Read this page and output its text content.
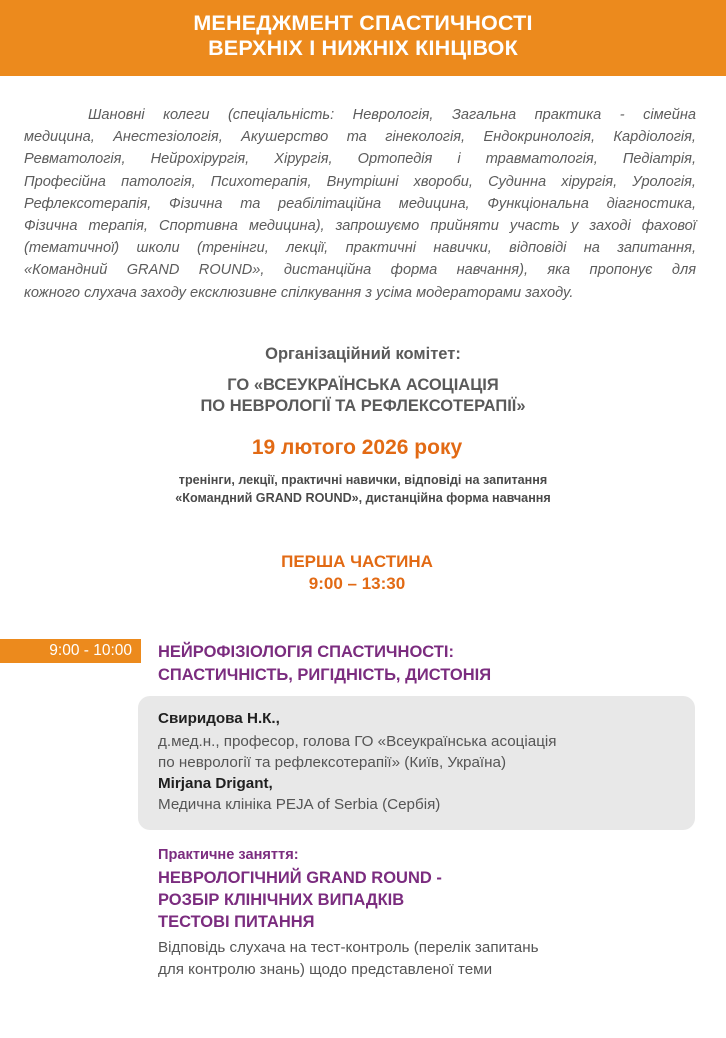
МЕНЕДЖМЕНТ СПАСТИЧНОСТІ
ВЕРХНІХ І НИЖНІХ КІНЦІВОК
Шановні колеги (спеціальність: Неврологія, Загальна практика - сімейна
медицина, Анестезіологія, Акушерство та гінекологія, Ендокринологія, Кардіологія,
Ревматологія, Нейрохірургія, Хірургія, Ортопедія і травматологія, Педіатрія,
Професійна патологія, Психотерапія, Внутрішні хвороби, Судинна хірургія, Урологія,
Рефлексотерапія, Фізична та реабілітаційна медицина, Функціональна діагностика,
Фізична терапія, Спортивна медицина), запрошуємо прийняти участь у заході фахової
(тематичної) школи (тренінги, лекції, практичні навички, відповіді на запитання,
«Командний GRAND ROUND», дистанційна форма навчання), яка пропонує для
кожного слухача заходу ексклюзивне спілкування з усіма модераторами заходу.
Організаційний комітет:
ГО «ВСЕУКРАЇНСЬКА АСОЦІАЦІЯ
ПО НЕВРОЛОГІЇ ТА РЕФЛЕКСОТЕРАПІЇ»
19 лютого 2026 року
тренінги, лекції, практичні навички, відповіді на запитання
«Командний GRAND ROUND», дистанційна форма навчання
ПЕРША ЧАСТИНА
9:00 – 13:30
9:00 - 10:00	НЕЙРОФІЗІОЛОГІЯ СПАСТИЧНОСТІ:
СПАСТИЧНІСТЬ, РИГІДНІСТЬ, ДИСТОНІЯ
Свиридова Н.К.,
д.мед.н., професор, голова ГО «Всеукраїнська асоціація
по неврології та рефлексотерапії» (Київ, Україна)
Mirjana Drigant,
Медична клініка PEJA of Serbia (Сербія)
Практичне заняття:
НЕВРОЛОГІЧНИЙ GRAND ROUND -
РОЗБІР КЛІНІЧНИХ ВИПАДКІВ
ТЕСТОВІ ПИТАННЯ
Відповідь слухача на тест-контроль (перелік запитань
для контролю знань) щодо представленої теми
